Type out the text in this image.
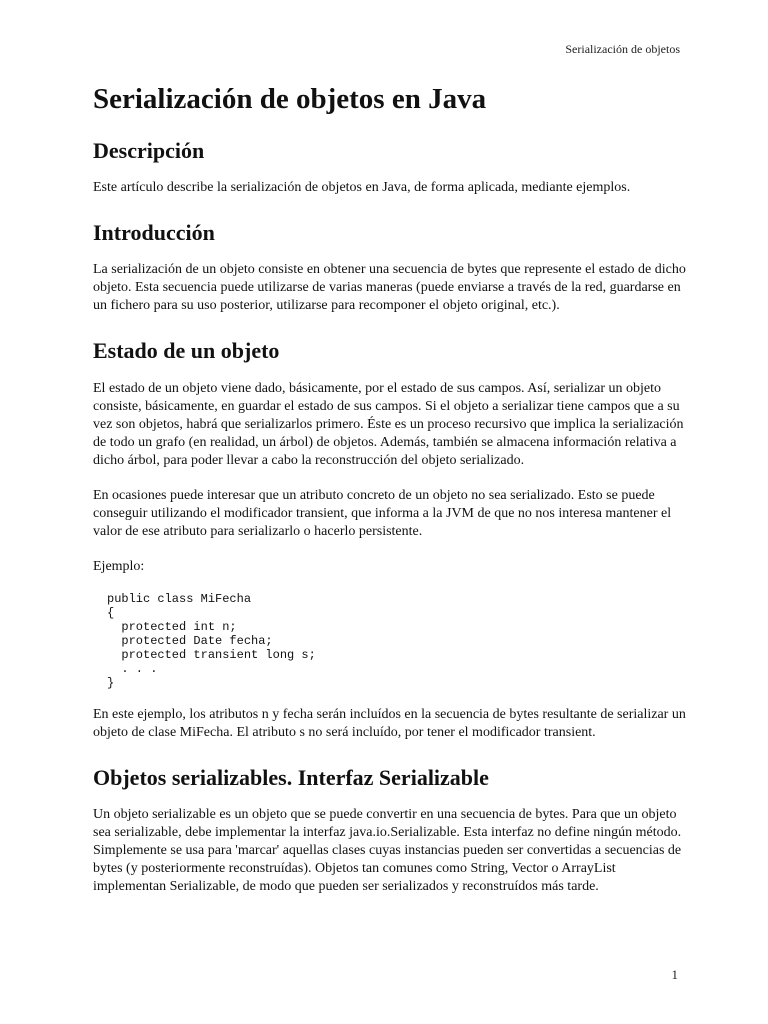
Serialización de objetos
Serialización de objetos en Java
Descripción

Este artículo describe la serialización de objetos en Java, de forma aplicada, mediante ejemplos.

Introducción

La serialización de un objeto consiste en obtener una secuencia de bytes que represente el estado de dicho objeto. Esta secuencia puede utilizarse de varias maneras (puede enviarse a través de la red, guardarse en un fichero para su uso posterior, utilizarse para recomponer el objeto original, etc.).

Estado de un objeto

El estado de un objeto viene dado, básicamente, por el estado de sus campos. Así, serializar un objeto consiste, básicamente, en guardar el estado de sus campos. Si el objeto a serializar tiene campos que a su vez son objetos, habrá que serializarlos primero. Éste es un proceso recursivo que implica la serialización de todo un grafo (en realidad, un árbol) de objetos. Además, también se almacena información relativa a dicho árbol, para poder llevar a cabo la reconstrucción del objeto serializado.

En ocasiones puede interesar que un atributo concreto de un objeto no sea serializado. Esto se puede conseguir utilizando el modificador transient, que informa a la JVM de que no nos interesa mantener el valor de ese atributo para serializarlo o hacerlo persistente.

Ejemplo:

public class MiFecha
{
protected int n;
protected Date fecha;
protected transient long s;
. . .
}

En este ejemplo, los atributos n y fecha serán incluídos en la secuencia de bytes resultante de serializar un objeto de clase MiFecha. El atributo s no será incluído, por tener el modificador transient.

Objetos serializables. Interfaz Serializable

Un objeto serializable es un objeto que se puede convertir en una secuencia de bytes. Para que un objeto sea serializable, debe implementar la interfaz java.io.Serializable. Esta interfaz no define ningún método. Simplemente se usa para 'marcar' aquellas clases cuyas instancias pueden ser convertidas a secuencias de bytes (y posteriormente reconstruídas). Objetos tan comunes como String, Vector o ArrayList implementan Serializable, de modo que pueden ser serializados y reconstruídos más tarde.

1
